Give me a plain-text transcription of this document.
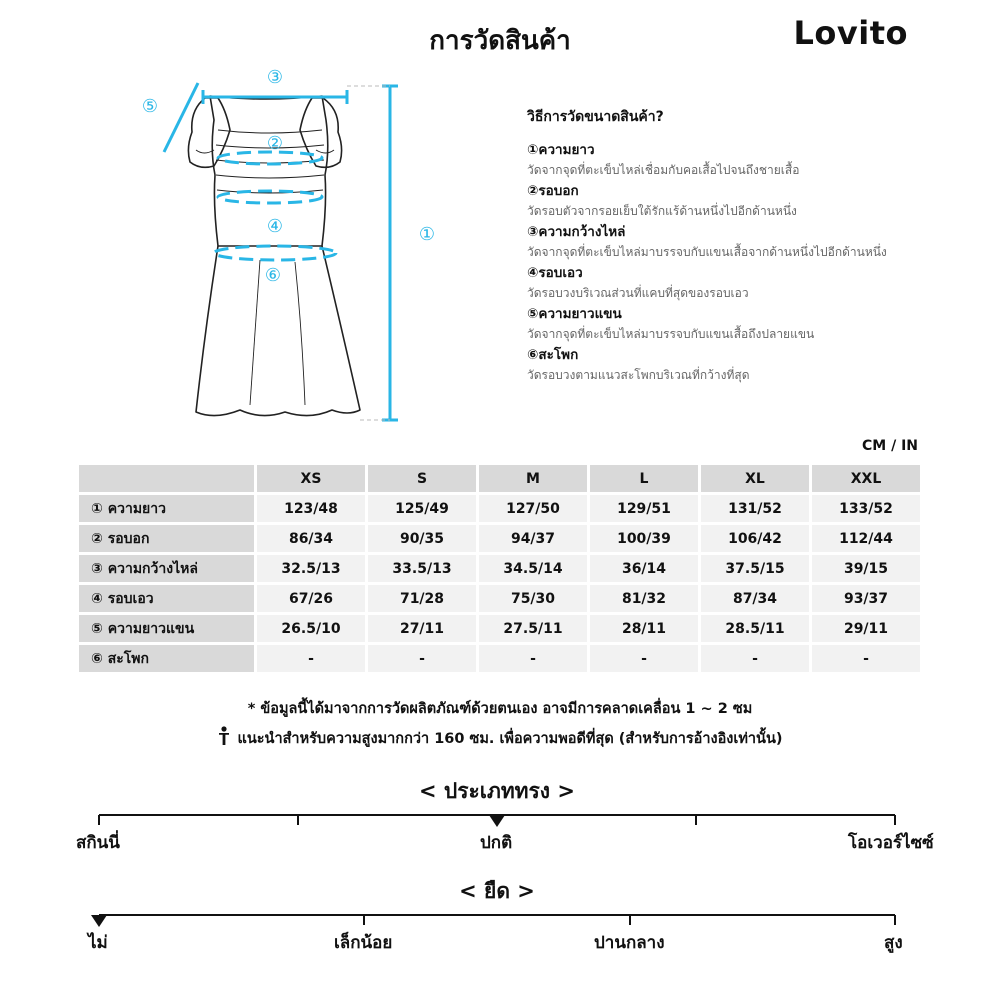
การวัดสินค้า	Lovito
③
⑤
②
④
⑥
①
วิธีการวัดขนาดสินค้า?
①ความยาว
วัดจากจุดที่ตะเข็บไหล่เชื่อมกับคอเสื้อไปจนถึงชายเสื้อ
②รอบอก
วัดรอบตัวจากรอยเย็บใต้รักแร้ด้านหนึ่งไปอีกด้านหนึ่ง
③ความกว้างไหล่
วัดจากจุดที่ตะเข็บไหล่มาบรรจบกับแขนเสื้อจากด้านหนึ่งไปอีกด้านหนึ่ง
④รอบเอว
วัดรอบวงบริเวณส่วนที่แคบที่สุดของรอบเอว
⑤ความยาวแขน
วัดจากจุดที่ตะเข็บไหล่มาบรรจบกับแขนเสื้อถึงปลายแขน
⑥สะโพก
วัดรอบวงตามแนวสะโพกบริเวณที่กว้างที่สุด
CM / IN
	XS	S	M	L	XL	XXL
① ความยาว	123/48	125/49	127/50	129/51	131/52	133/52
② รอบอก	86/34	90/35	94/37	100/39	106/42	112/44
③ ความกว้างไหล่	32.5/13	33.5/13	34.5/14	36/14	37.5/15	39/15
④ รอบเอว	67/26	71/28	75/30	81/32	87/34	93/37
⑤ ความยาวแขน	26.5/10	27/11	27.5/11	28/11	28.5/11	29/11
⑥ สะโพก	-	-	-	-	-	-
* ข้อมูลนี้ได้มาจากการวัดผลิตภัณฑ์ด้วยตนเอง อาจมีการคลาดเคลื่อน 1 ~ 2 ซม
แนะนำสำหรับความสูงมากกว่า 160 ซม. เพื่อความพอดีที่สุด (สำหรับการอ้างอิงเท่านั้น)
< ประเภททรง >
สกินนี่	ปกติ	โอเวอร์ไซซ์
< ยืด >
ไม่	เล็กน้อย	ปานกลาง	สูง
